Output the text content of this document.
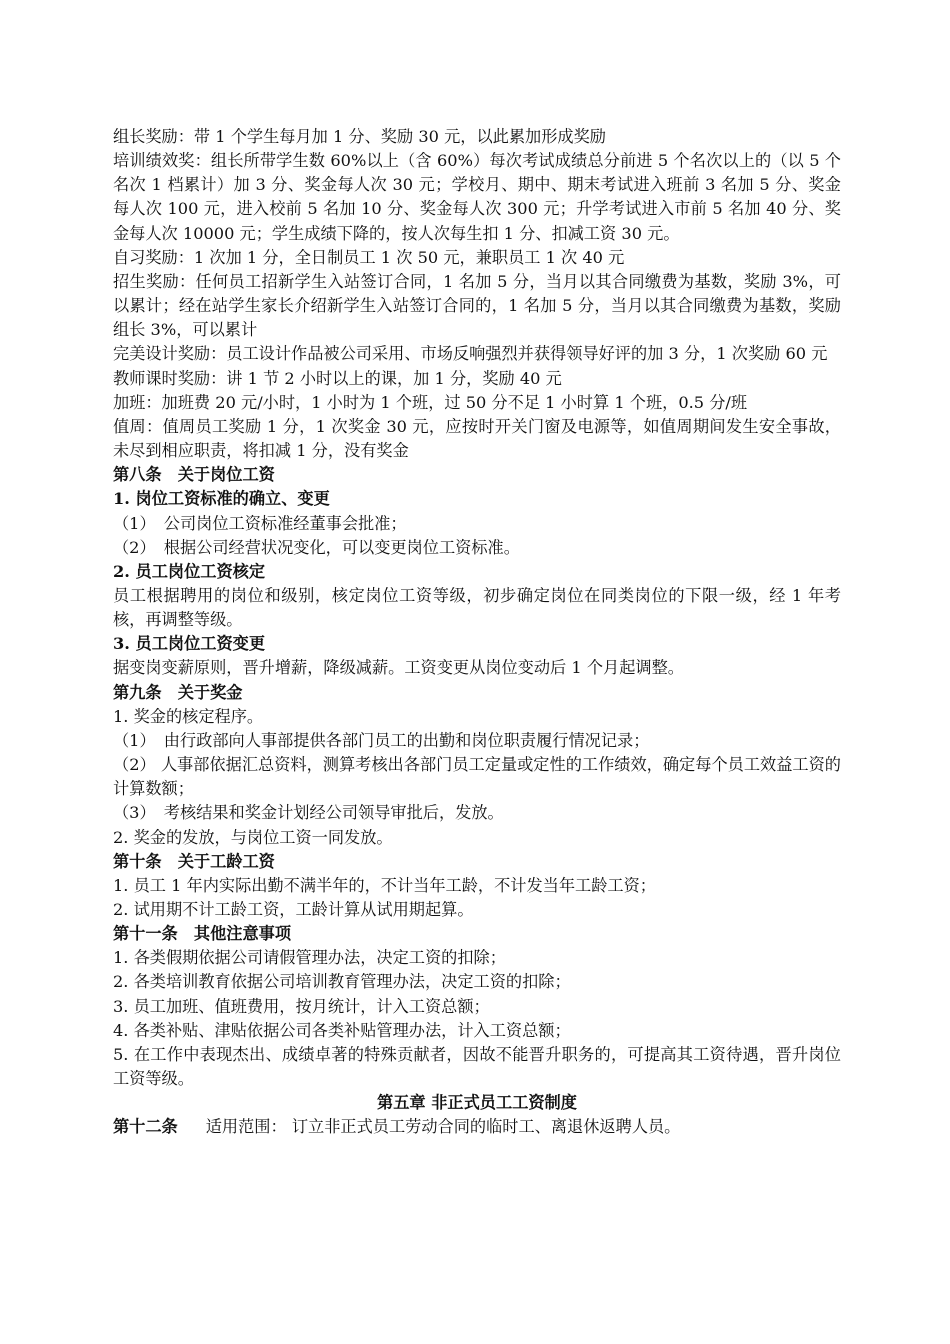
组长奖励：带 1 个学生每月加 1 分、奖励 30 元，以此累加形成奖励

培训绩效奖：组长所带学生数 60%以上（含 60%）每次考试成绩总分前进 5 个名次以上的（以 5 个名次 1 档累计）加 3 分、奖金每人次 30 元；学校月、期中、期末考试进入班前 3 名加 5 分、奖金每人次 100 元，进入校前 5 名加 10 分、奖金每人次 300 元；升学考试进入市前 5 名加 40 分、奖金每人次 10000 元；学生成绩下降的，按人次每生扣 1 分、扣减工资 30 元。

自习奖励：1 次加 1 分，全日制员工 1 次 50 元，兼职员工 1 次 40 元

招生奖励：任何员工招新学生入站签订合同，1 名加 5 分，当月以其合同缴费为基数，奖励 3%，可以累计；经在站学生家长介绍新学生入站签订合同的，1 名加 5 分，当月以其合同缴费为基数，奖励组长 3%，可以累计

完美设计奖励：员工设计作品被公司采用、市场反响强烈并获得领导好评的加 3 分，1 次奖励 60 元

教师课时奖励：讲 1 节 2 小时以上的课，加 1 分，奖励 40 元

加班：加班费 20 元/小时，1 小时为 1 个班，过 50 分不足 1 小时算 1 个班，0.5 分/班

值周：值周员工奖励 1 分，1 次奖金 30 元，应按时开关门窗及电源等，如值周期间发生安全事故，未尽到相应职责，将扣减 1 分，没有奖金

第八条　关于岗位工资

1. 岗位工资标准的确立、变更

（1）　公司岗位工资标准经董事会批准；

（2）　根据公司经营状况变化，可以变更岗位工资标准。

2. 员工岗位工资核定

员工根据聘用的岗位和级别，核定岗位工资等级，初步确定岗位在同类岗位的下限一级，经 1 年考核，再调整等级。

3. 员工岗位工资变更

据变岗变薪原则，晋升增薪，降级减薪。工资变更从岗位变动后 1 个月起调整。

第九条　关于奖金

1. 奖金的核定程序。

（1）　由行政部向人事部提供各部门员工的出勤和岗位职责履行情况记录；

（2） 人事部依据汇总资料，测算考核出各部门员工定量或定性的工作绩效，确定每个员工效益工资的计算数额；

（3）　考核结果和奖金计划经公司领导审批后，发放。

2. 奖金的发放，与岗位工资一同发放。

第十条　关于工龄工资

1. 员工 1 年内实际出勤不满半年的，不计当年工龄，不计发当年工龄工资；

2. 试用期不计工龄工资，工龄计算从试用期起算。

第十一条　其他注意事项

1. 各类假期依据公司请假管理办法，决定工资的扣除；

2. 各类培训教育依据公司培训教育管理办法，决定工资的扣除；

3. 员工加班、值班费用，按月统计，计入工资总额；

4. 各类补贴、津贴依据公司各类补贴管理办法，计入工资总额；

5. 在工作中表现杰出、成绩卓著的特殊贡献者，因故不能晋升职务的，可提高其工资待遇，晋升岗位工资等级。

第五章 非正式员工工资制度

第十二条 适用范围： 订立非正式员工劳动合同的临时工、离退休返聘人员。
